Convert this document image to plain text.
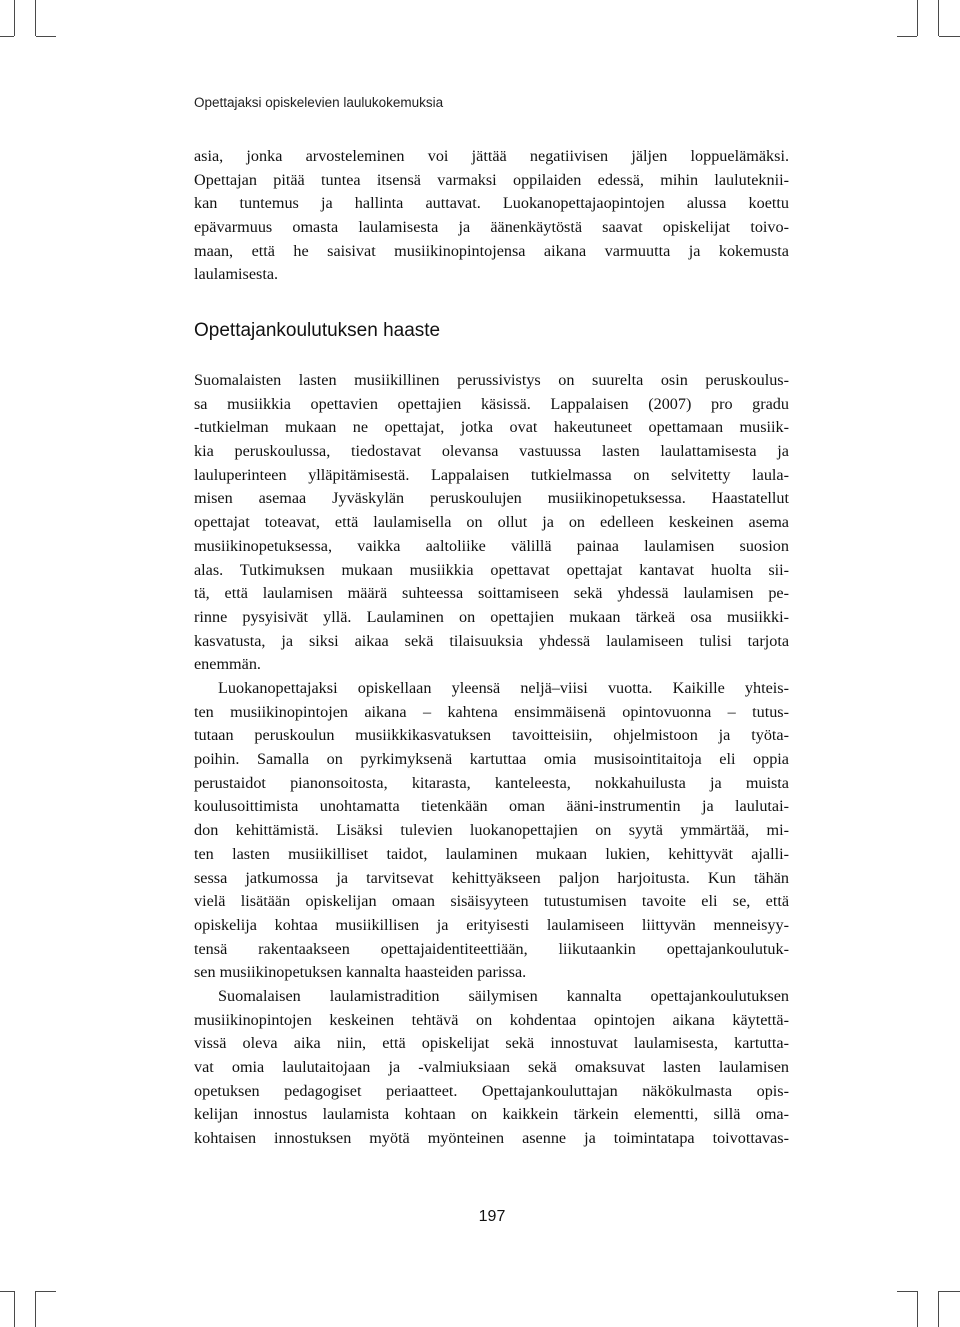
Opettajaksi opiskelevien laulukokemuksia

asia, jonka arvosteleminen voi jättää negatiivisen jäljen loppuelämäksi.
Opettajan pitää tuntea itsensä varmaksi oppilaiden edessä, mihin lauluteknii-
kan tuntemus ja hallinta auttavat. Luokanopettajaopintojen alussa koettu
epävarmuus omasta laulamisesta ja äänenkäytöstä saavat opiskelijat toivo-
maan, että he saisivat musiikinopintojensa aikana varmuutta ja kokemusta
laulamisesta.
Opettajankoulutuksen haaste
Suomalaisten lasten musiikillinen perussivistys on suurelta osin peruskoulus-
sa musiikkia opettavien opettajien käsissä. Lappalaisen (2007) pro gradu
-tutkielman mukaan ne opettajat, jotka ovat hakeutuneet opettamaan musiik-
kia peruskoulussa, tiedostavat olevansa vastuussa lasten laulattamisesta ja
lauluperinteen ylläpitämisestä. Lappalaisen tutkielmassa on selvitetty laula-
misen asemaa Jyväskylän peruskoulujen musiikinopetuksessa. Haastatellut
opettajat toteavat, että laulamisella on ollut ja on edelleen keskeinen asema
musiikinopetuksessa, vaikka aaltoliike välillä painaa laulamisen suosion
alas. Tutkimuksen mukaan musiikkia opettavat opettajat kantavat huolta sii-
tä, että laulamisen määrä suhteessa soittamiseen sekä yhdessä laulamisen pe-
rinne pysyisivät yllä. Laulaminen on opettajien mukaan tärkeä osa musiikki-
kasvatusta, ja siksi aikaa sekä tilaisuuksia yhdessä laulamiseen tulisi tarjota
enemmän.
Luokanopettajaksi opiskellaan yleensä neljä–viisi vuotta. Kaikille yhteis-
ten musiikinopintojen aikana – kahtena ensimmäisenä opintovuonna – tutus-
tutaan peruskoulun musiikkikasvatuksen tavoitteisiin, ohjelmistoon ja työta-
poihin. Samalla on pyrkimyksenä kartuttaa omia musisointitaitoja eli oppia
perustaidot pianonsoitosta, kitarasta, kanteleesta, nokkahuilusta ja muista
koulusoittimista unohtamatta tietenkään oman ääni-instrumentin ja laulutai-
don kehittämistä. Lisäksi tulevien luokanopettajien on syytä ymmärtää, mi-
ten lasten musiikilliset taidot, laulaminen mukaan lukien, kehittyvät ajalli-
sessa jatkumossa ja tarvitsevat kehittyäkseen paljon harjoitusta. Kun tähän
vielä lisätään opiskelijan omaan sisäisyyteen tutustumisen tavoite eli se, että
opiskelija kohtaa musiikillisen ja erityisesti laulamiseen liittyvän menneisyy-
tensä rakentaakseen opettajaidentiteettiään, liikutaankin opettajankoulutuk-
sen musiikinopetuksen kannalta haasteiden parissa.
Suomalaisen laulamistradition säilymisen kannalta opettajankoulutuksen
musiikinopintojen keskeinen tehtävä on kohdentaa opintojen aikana käytettä-
vissä oleva aika niin, että opiskelijat sekä innostuvat laulamisesta, kartutta-
vat omia laulutaitojaan ja -valmiuksiaan sekä omaksuvat lasten laulamisen
opetuksen pedagogiset periaatteet. Opettajankouluttajan näkökulmasta opis-
kelijan innostus laulamista kohtaan on kaikkein tärkein elementti, sillä oma-
kohtaisen innostuksen myötä myönteinen asenne ja toimintatapa toivottavas-
197
